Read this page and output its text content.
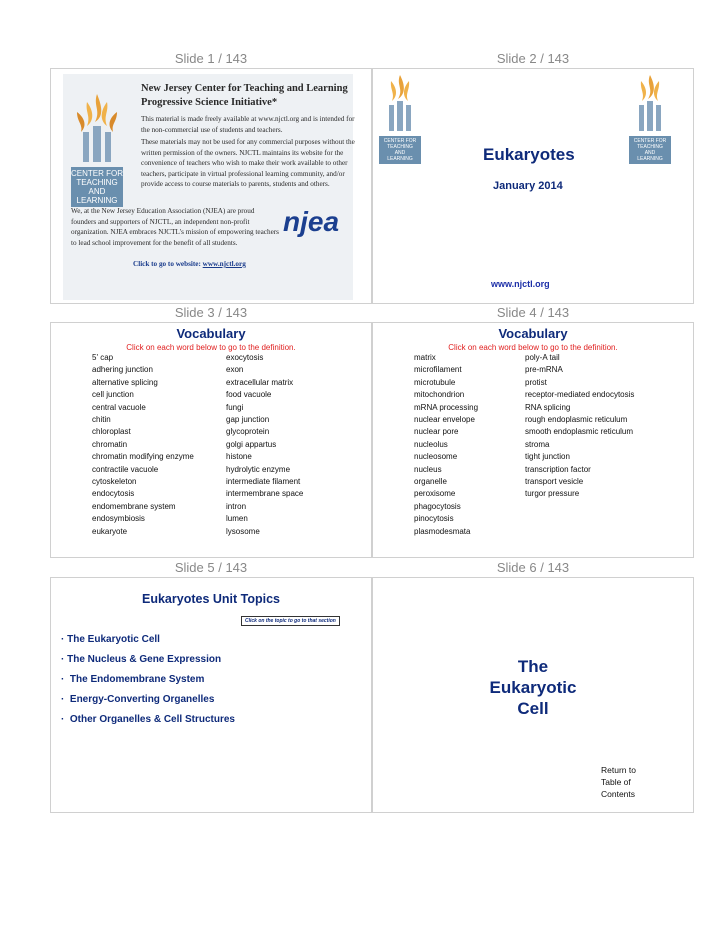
Slide 1 / 143	Slide 2 / 143
Slide 3 / 143	Slide 4 / 143
Slide 5 / 143	Slide 6 / 143
CENTER FOR
TEACHING
AND
LEARNING
New Jersey Center for Teaching and Learning
Progressive Science Initiative*
This material is made freely available at www.njctl.org and is intended for the non-commercial use of students and teachers.
These materials may not be used for any commercial purposes without the written permission of the owners. NJCTL maintains its website for the convenience of teachers who wish to make their work available to other teachers, participate in virtual professional learning community, and/or provide access to course materials to parents, students and others.
We, at the New Jersey Education Association (NJEA) are proud founders and supporters of NJCTL, an independent non-profit organization. NJEA embraces NJCTL's mission of empowering teachers to lead school improvement for the benefit of all students.
njea
Click to go to website: www.njctl.org
CENTER FOR
TEACHING
AND
LEARNING
CENTER FOR
TEACHING
AND
LEARNING
Eukaryotes
January 2014
www.njctl.org
Vocabulary
Click on each word below to go to the definition.
5' cap
adhering junction
alternative splicing
cell junction
central vacuole
chitin
chloroplast
chromatin
chromatin modifying enzyme
contractile vacuole
cytoskeleton
endocytosis
endomembrane system
endosymbiosis
eukaryote
exocytosis
exon
extracellular matrix
food vacuole
fungi
gap junction
glycoprotein
golgi appartus
histone
hydrolytic enzyme
intermediate filament
intermembrane space
intron
lumen
lysosome
Vocabulary
Click on each word below to go to the definition.
matrix
microfilament
microtubule
mitochondrion
mRNA processing
nuclear envelope
nuclear pore
nucleolus
nucleosome
nucleus
organelle
peroxisome
phagocytosis
pinocytosis
plasmodesmata
poly-A tail
pre-mRNA
protist
receptor-mediated endocytosis
RNA splicing
rough endoplasmic reticulum
smooth endoplasmic reticulum
stroma
tight junction
transcription factor
transport vesicle
turgor pressure
Eukaryotes Unit Topics
Click on the topic to go to that section
· The Eukaryotic Cell
· The Nucleus & Gene Expression
· The Endomembrane System
· Energy-Converting Organelles
· Other Organelles & Cell Structures
The
Eukaryotic
Cell
Return to
Table of
Contents
